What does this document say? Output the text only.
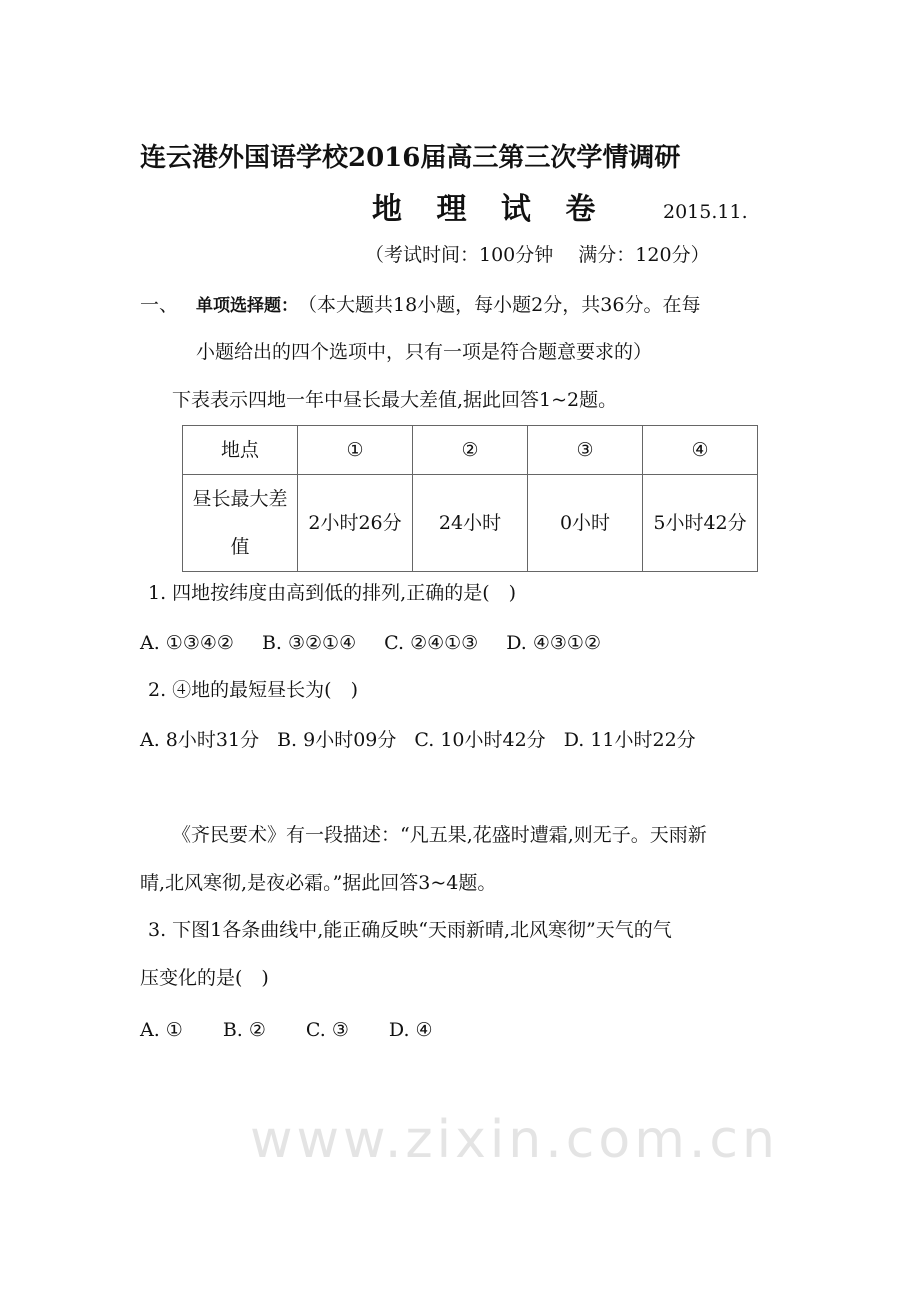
www.zixin.com.cn
连云港外国语学校2016届高三第三次学情调研
地 理 试 卷	2015.11.
（考试时间：100分钟　 满分：120分）
一、	单项选择题： （本大题共18小题，每小题2分，共36分。在每
小题给出的四个选项中，只有一项是符合题意要求的）
下表表示四地一年中昼长最大差值,据此回答1~2题。
地点	①	②	③	④
昼长最大差值	2小时26分	24小时	0小时	5小时42分
1. 四地按纬度由高到低的排列,正确的是(　)
A. ①③④② B. ③②①④ C. ②④①③ D. ④③①②
2. ④地的最短昼长为(　)
A. 8小时31分 B. 9小时09分 C. 10小时42分 D. 11小时22分
《齐民要术》有一段描述：“凡五果,花盛时遭霜,则无子。天雨新
晴,北风寒彻,是夜必霜。”据此回答3~4题。
3. 下图1各条曲线中,能正确反映“天雨新晴,北风寒彻”天气的气
压变化的是(　)
A. ① B. ② C. ③ D. ④
